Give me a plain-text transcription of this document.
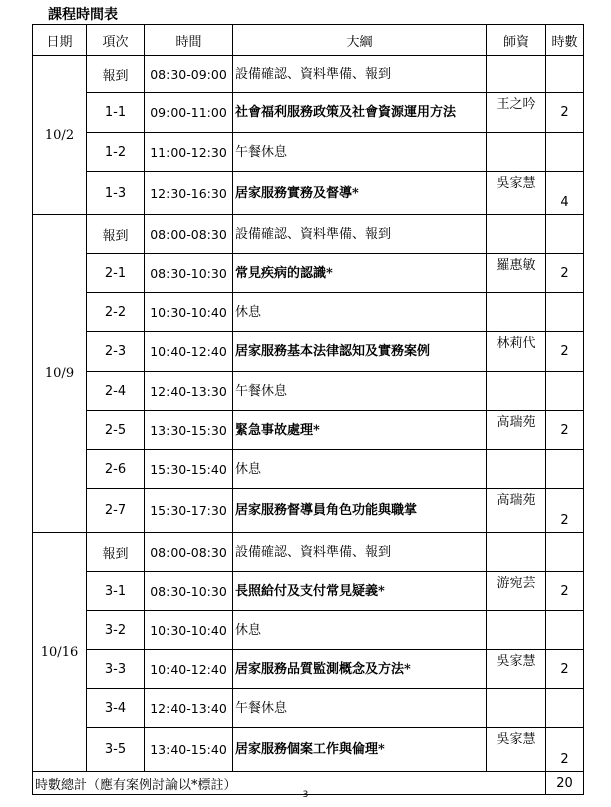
課程時間表
日期	項次	時間	大綱	師資	時數
10/2	報到	08:30-09:00	設備確認、資料準備、報到		
	1-1	09:00-11:00	社會福利服務政策及社會資源運用方法	王之吟	2
	1-2	11:00-12:30	午餐休息		
	1-3	12:30-16:30	居家服務實務及督導*	吳家慧	4
10/9	報到	08:00-08:30	設備確認、資料準備、報到		
	2-1	08:30-10:30	常見疾病的認識*	羅惠敏	2
	2-2	10:30-10:40	休息		
	2-3	10:40-12:40	居家服務基本法律認知及實務案例	林莉代	2
	2-4	12:40-13:30	午餐休息		
	2-5	13:30-15:30	緊急事故處理*	高瑞苑	2
	2-6	15:30-15:40	休息		
	2-7	15:30-17:30	居家服務督導員角色功能與職掌	高瑞苑	2
10/16	報到	08:00-08:30	設備確認、資料準備、報到		
	3-1	08:30-10:30	長照給付及支付常見疑義*	游宛芸	2
	3-2	10:30-10:40	休息		
	3-3	10:40-12:40	居家服務品質監測概念及方法*	吳家慧	2
	3-4	12:40-13:40	午餐休息		
	3-5	13:40-15:40	居家服務個案工作與倫理*	吳家慧	2
時數總計（應有案例討論以*標註）					20
3
